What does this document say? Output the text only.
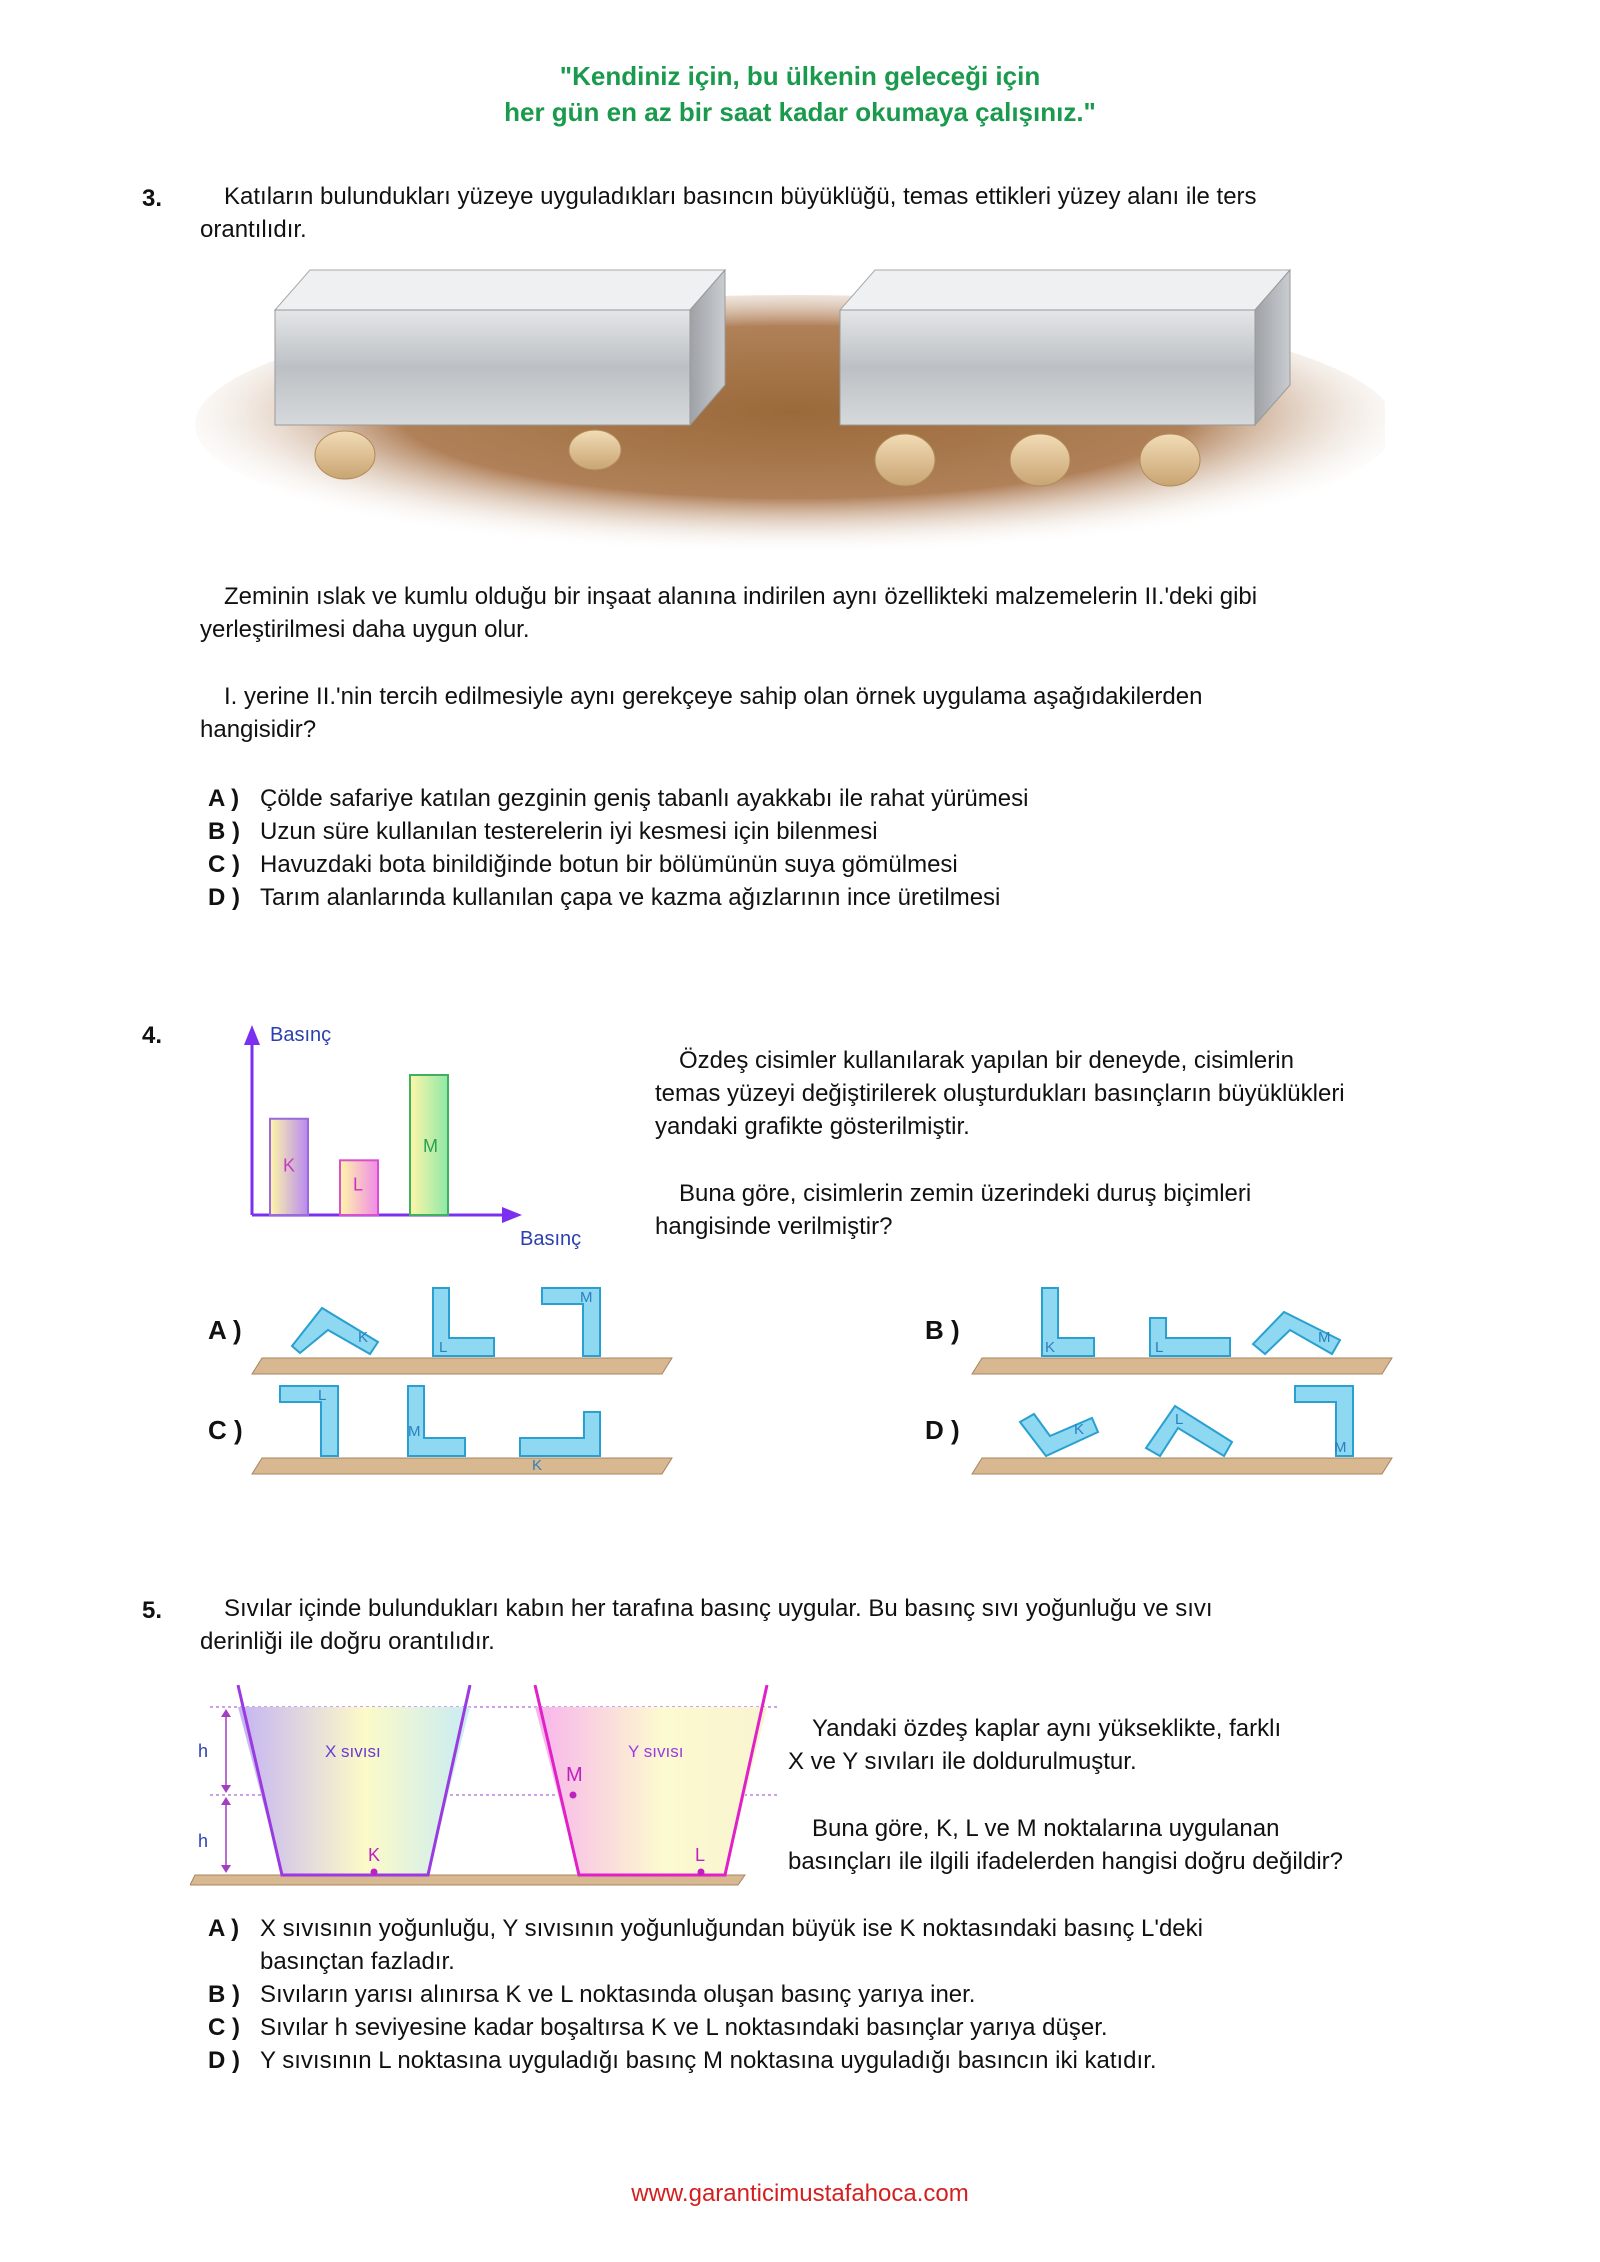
"Kendiniz için, bu ülkenin geleceği için
her gün en az bir saat kadar okumaya çalışınız."
3.	Katıların bulundukları yüzeye uyguladıkları basıncın büyüklüğü, temas ettikleri yüzey alanı ile ters
orantılıdır.
Zeminin ıslak ve kumlu olduğu bir inşaat alanına indirilen aynı özellikteki malzemelerin II.'deki gibi
yerleştirilmesi daha uygun olur.
I. yerine II.'nin tercih edilmesiyle aynı gerekçeye sahip olan örnek uygulama aşağıdakilerden
hangisidir?
A ) Çölde safariye katılan gezginin geniş tabanlı ayakkabı ile rahat yürümesi
B ) Uzun süre kullanılan testerelerin iyi kesmesi için bilenmesi
C ) Havuzdaki bota binildiğinde botun bir bölümünün suya gömülmesi
D ) Tarım alanlarında kullanılan çapa ve kazma ağızlarının ince üretilmesi
4.	Basınç
Basınç
K
L
M
Özdeş cisimler kullanılarak yapılan bir deneyde, cisimlerin
temas yüzeyi değiştirilerek oluşturdukları basınçların büyüklükleri
yandaki grafikte gösterilmiştir.
Buna göre, cisimlerin zemin üzerindeki duruş biçimleri
hangisinde verilmiştir?
A )	K
L
M
B )
K	L
M
C )
L
M
K
D )	K
L
M
5.	Sıvılar içinde bulundukları kabın her tarafına basınç uygular. Bu basınç sıvı yoğunluğu ve sıvı
derinliği ile doğru orantılıdır.
h
h
X sıvısı
K
Y sıvısı
M
L
Yandaki özdeş kaplar aynı yükseklikte, farklı
X ve Y sıvıları ile doldurulmuştur.
Buna göre, K, L ve M noktalarına uygulanan
basınçları ile ilgili ifadelerden hangisi doğru değildir?
A ) X sıvısının yoğunluğu, Y sıvısının yoğunluğundan büyük ise K noktasındaki basınç L'deki
basınçtan fazladır.
B ) Sıvıların yarısı alınırsa K ve L noktasında oluşan basınç yarıya iner.
C ) Sıvılar h seviyesine kadar boşaltırsa K ve L noktasındaki basınçlar yarıya düşer.
D ) Y sıvısının L noktasına uyguladığı basınç M noktasına uyguladığı basıncın iki katıdır.
www.garanticimustafahoca.com
